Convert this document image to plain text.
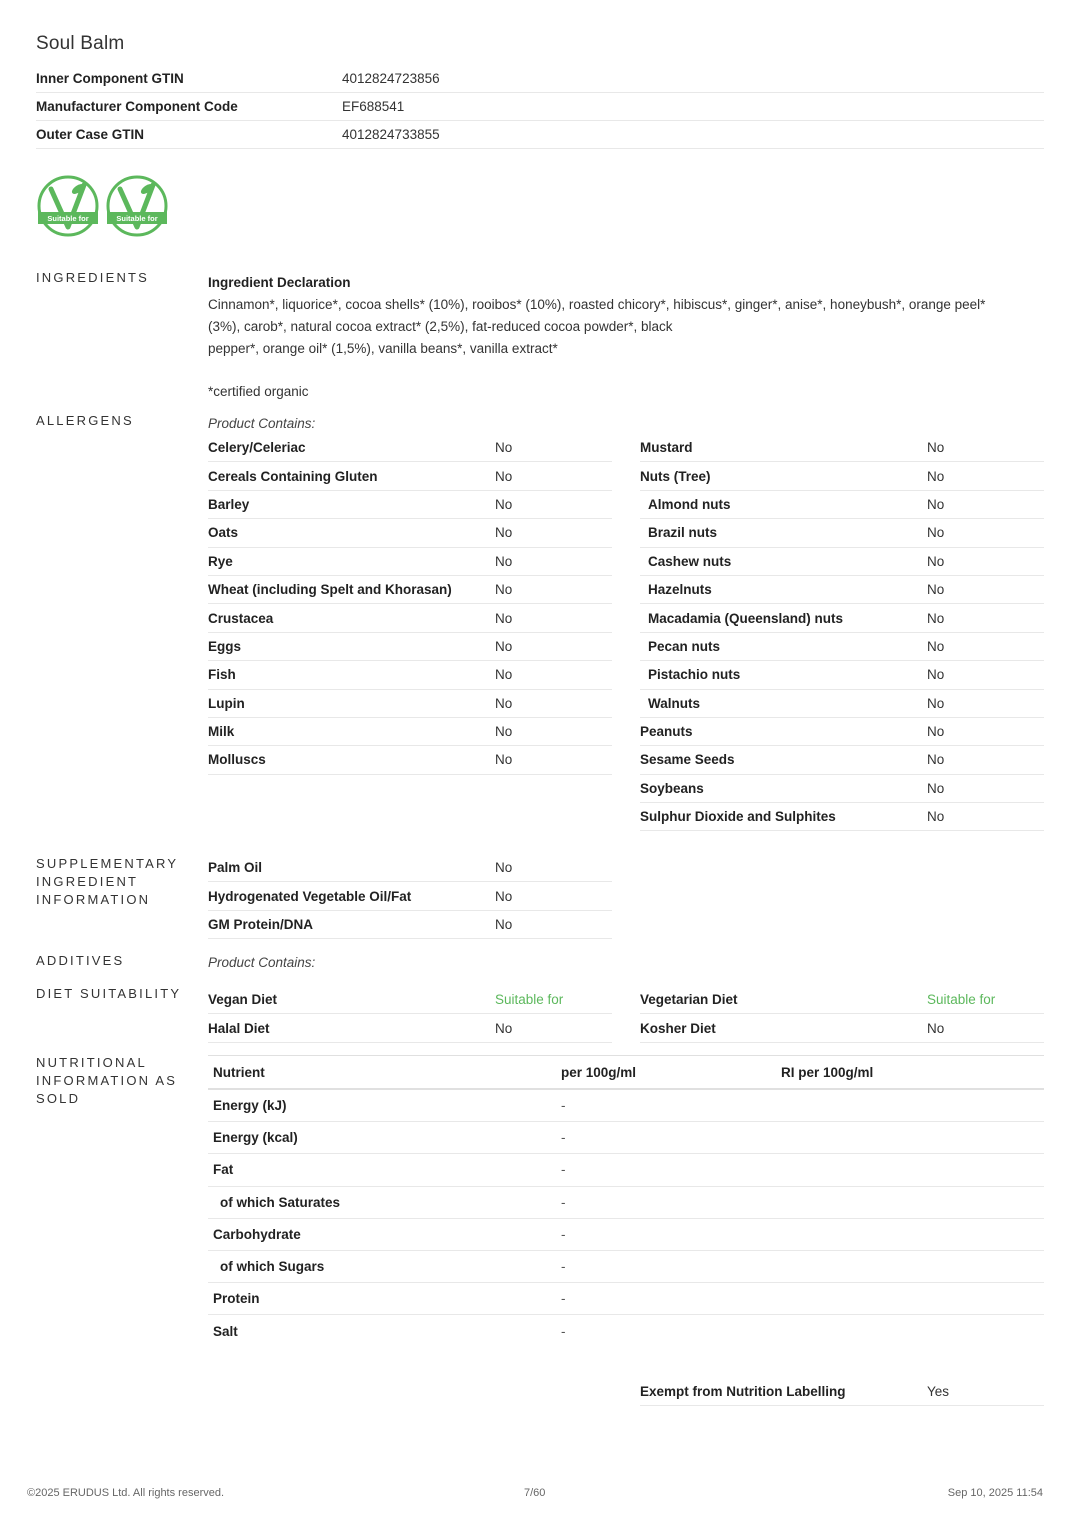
Soul Balm
Inner Component GTIN	4012824723856
Manufacturer Component Code	EF688541
Outer Case GTIN	4012824733855
Suitable for	Suitable for
INGREDIENTS
ALLERGENS
SUPPLEMENTARY INGREDIENT INFORMATION
ADDITIVES
DIET SUITABILITY
NUTRITIONAL INFORMATION AS SOLD
Ingredient Declaration
Cinnamon*, liquorice*, cocoa shells* (10%), rooibos* (10%), roasted chicory*, hibiscus*, ginger*, anise*, honeybush*, orange peel*
(3%), carob*, natural cocoa extract* (2,5%), fat-reduced cocoa powder*, black
pepper*, orange oil* (1,5%), vanilla beans*, vanilla extract*
*certified organic
Product Contains:
Celery/Celeriac	No
Cereals Containing Gluten	No
Barley	No
Oats	No
Rye	No
Wheat (including Spelt and Khorasan)	No
Crustacea	No
Eggs	No
Fish	No
Lupin	No
Milk	No
Molluscs	No
Mustard	No
Nuts (Tree)	No
Almond nuts	No
Brazil nuts	No
Cashew nuts	No
Hazelnuts	No
Macadamia (Queensland) nuts	No
Pecan nuts	No
Pistachio nuts	No
Walnuts	No
Peanuts	No
Sesame Seeds	No
Soybeans	No
Sulphur Dioxide and Sulphites	No
Palm Oil	No
Hydrogenated Vegetable Oil/Fat	No
GM Protein/DNA	No
Product Contains:
Vegan Diet	Suitable for
Halal Diet	No
Vegetarian Diet	Suitable for
Kosher Diet	No
Nutrient	per 100g/ml	RI per 100g/ml
Energy (kJ)	-
Energy (kcal)	-
Fat	-
of which Saturates	-
Carbohydrate	-
of which Sugars	-
Protein	-
Salt	-
Exempt from Nutrition Labelling	Yes
©2025 ERUDUS Ltd. All rights reserved.	7/60	Sep 10, 2025 11:54
